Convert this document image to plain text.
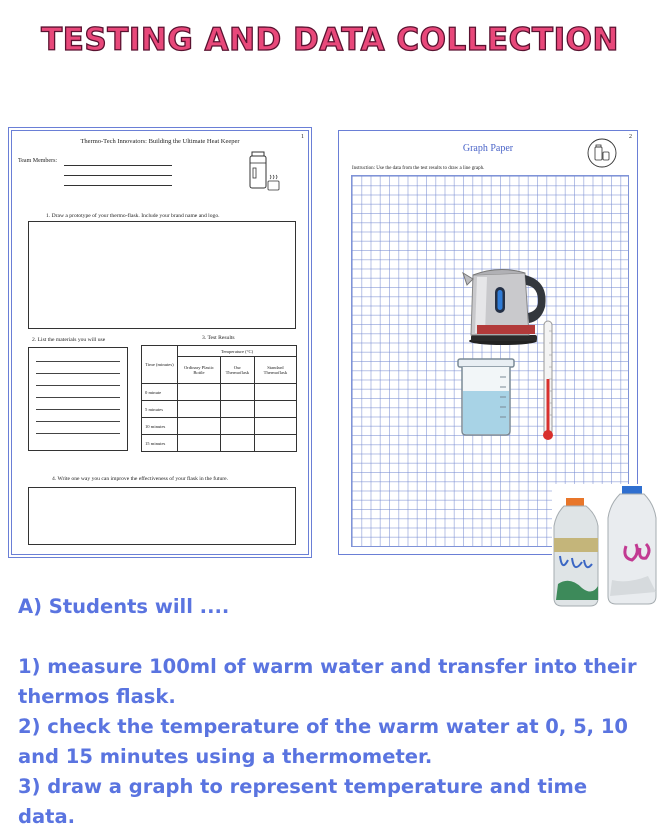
TESTING AND DATA COLLECTION
1
Thermo-Tech Innovators: Building the Ultimate Heat Keeper
Team Members:
1. Draw a prototype of your thermo-flask. Include your brand name and logo.
2. List the materials you will use	3. Test Results
Time (minutes)	Temperature (°C)		
	Ordinary Plastic Bottle	Our Thermoflask	Standard Thermoflask
0 minute			
5 minutes			
10 minutes			
15 minutes			
4. Write one way you can improve the effectiveness of your flask in the future.
2
Graph Paper
Instruction: Use the data from the test results to draw a line graph.

A) Students will ....

1) measure 100ml of warm water and transfer into their thermos flask.

2) check the temperature of the warm water at 0, 5, 10 and 15 minutes using a thermometer.

3) draw a graph to represent temperature and time data.
